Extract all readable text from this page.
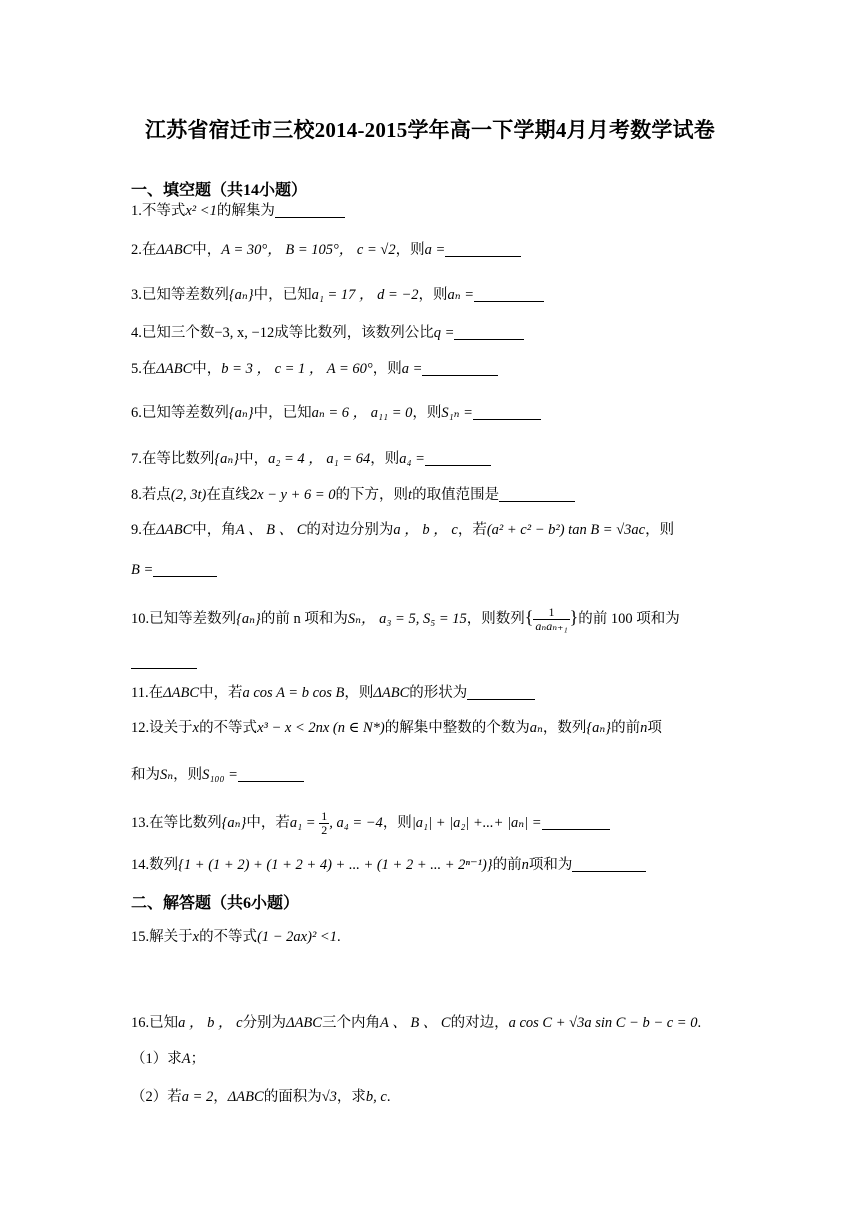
江苏省宿迁市三校2014-2015学年高一下学期4月月考数学试卷
一、填空题（共14小题）
1.不等式x² <1的解集为
2.在ΔABC中，A = 30°， B = 105°， c = √2，则a =
3.已知等差数列{aₙ}中，已知a₁ = 17 ， d = −2，则aₙ =
4.已知三个数−3, x, −12成等比数列，该数列公比q =
5.在ΔABC中，b = 3 ， c = 1 ， A = 60°，则a =
6.已知等差数列{aₙ}中，已知aₙ = 6 ， a₁₁ = 0，则S₁ₙ =
7.在等比数列{aₙ}中，a₂ = 4 ， a₁ = 64，则a₄ =
8.若点(2, 3t)在直线2x − y + 6 = 0的下方，则t的取值范围是
9.在ΔABC中，角A 、 B 、 C的对边分别为a ， b ， c，若(a² + c² − b²) tan B = √3ac，则
B =
10.已知等差数列{aₙ}的前 n 项和为Sₙ， a₃ = 5, S₅ = 15，则数列{ $\frac{1}{\text{aₙaₙ₊₁}}$ }的前 100 项和为
11.在ΔABC中，若a cos A = b cos B，则ΔABC的形状为
12.设关于x的不等式x³ − x < 2nx (n ∈ N*)的解集中整数的个数为aₙ，数列{aₙ}的前n项
和为Sₙ，则S₁₀₀ =
13.在等比数列{aₙ}中，若$a_1 = \frac{1}{2}$ , a₄ = −4，则|a₁| + |a₂| +...+ |aₙ| =
14.数列{1 + (1 + 2) + (1 + 2 + 4) + ... + (1 + 2 + ... + 2ⁿ⁻¹)}的前n项和为
二、解答题（共6小题）
15.解关于x的不等式(1 − 2ax)² <1.
16.已知a ， b ， c分别为ΔABC三个内角A 、 B 、 C的对边，a cos C + √3a sin C − b − c = 0.
（1）求A；
（2）若a = 2，ΔABC的面积为√3，求b, c.
